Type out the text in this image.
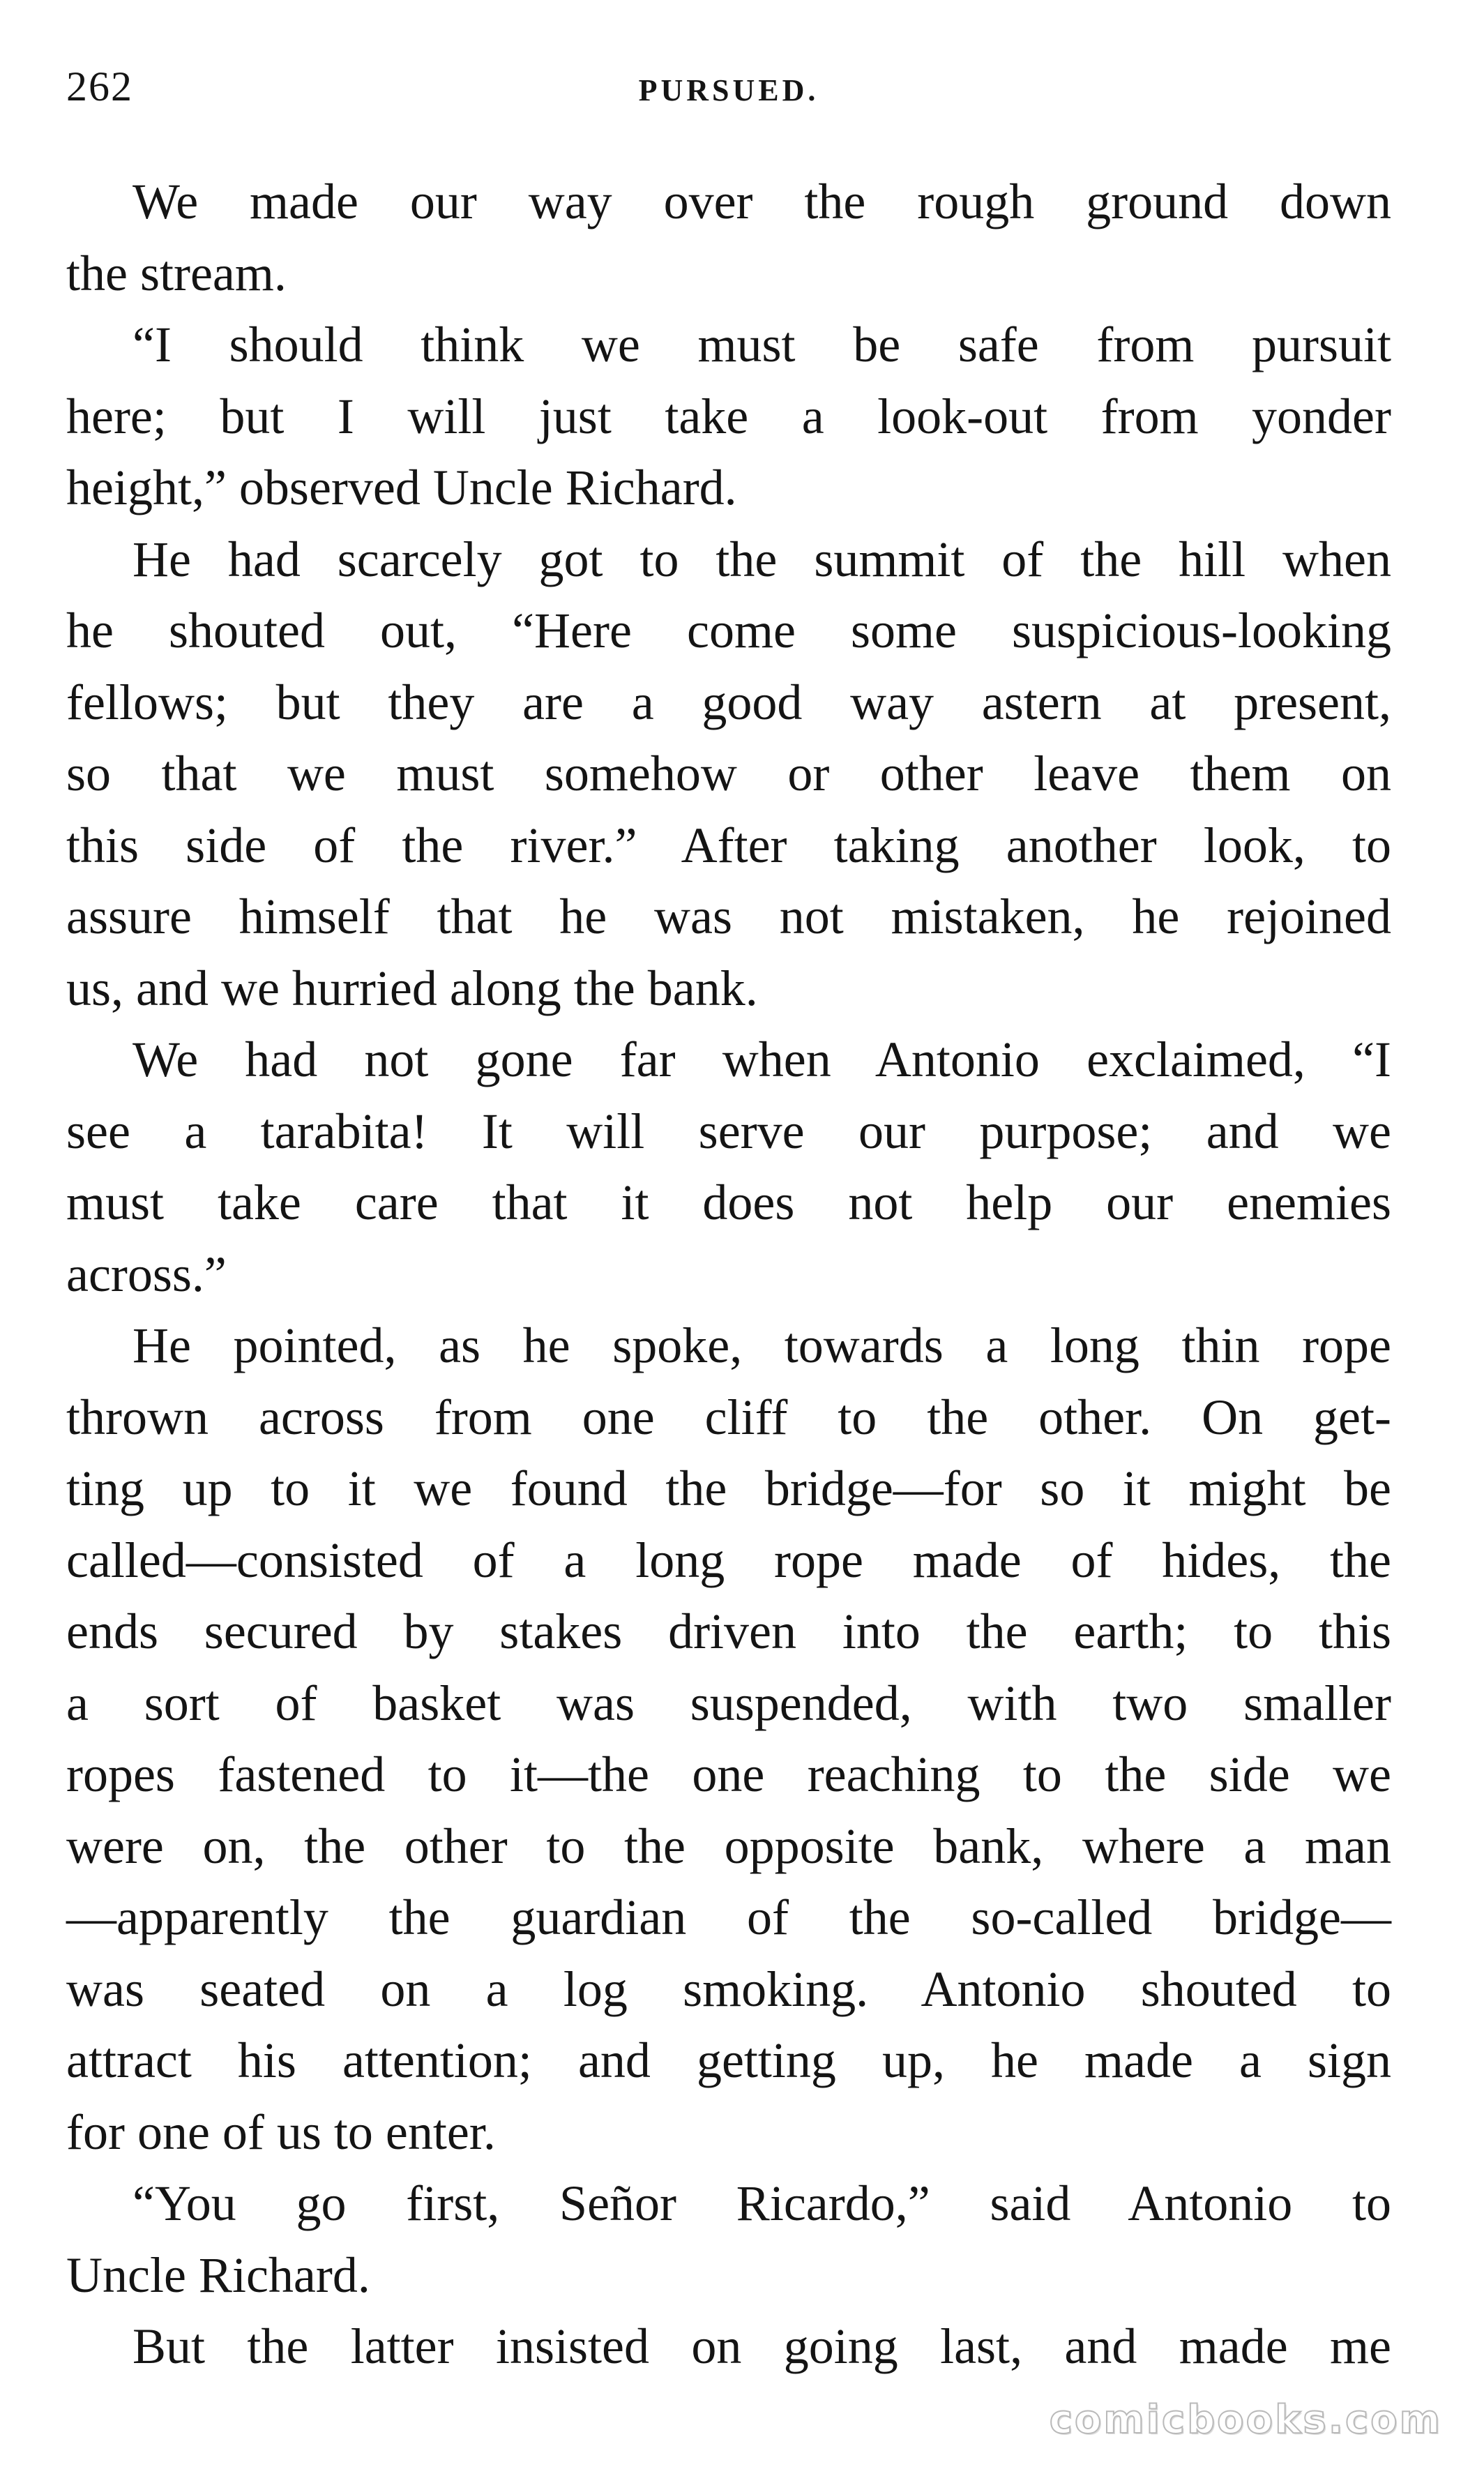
262	PURSUED.
We made our way over the rough ground down
the stream.
“I should think we must be safe from pursuit
here; but I will just take a look-out from yonder
height,” observed Uncle Richard.
He had scarcely got to the summit of the hill when
he shouted out, “Here come some suspicious-looking
fellows; but they are a good way astern at present,
so that we must somehow or other leave them on
this side of the river.” After taking another look, to
assure himself that he was not mistaken, he rejoined
us, and we hurried along the bank.
We had not gone far when Antonio exclaimed, “I
see a tarabita! It will serve our purpose; and we
must take care that it does not help our enemies
across.”
He pointed, as he spoke, towards a long thin rope
thrown across from one cliff to the other. On get-
ting up to it we found the bridge—for so it might be
called—consisted of a long rope made of hides, the
ends secured by stakes driven into the earth; to this
a sort of basket was suspended, with two smaller
ropes fastened to it—the one reaching to the side we
were on, the other to the opposite bank, where a man
—apparently the guardian of the so-called bridge—
was seated on a log smoking. Antonio shouted to
attract his attention; and getting up, he made a sign
for one of us to enter.
“You go first, Señor Ricardo,” said Antonio to
Uncle Richard.
But the latter insisted on going last, and made me
comicbooks.com
